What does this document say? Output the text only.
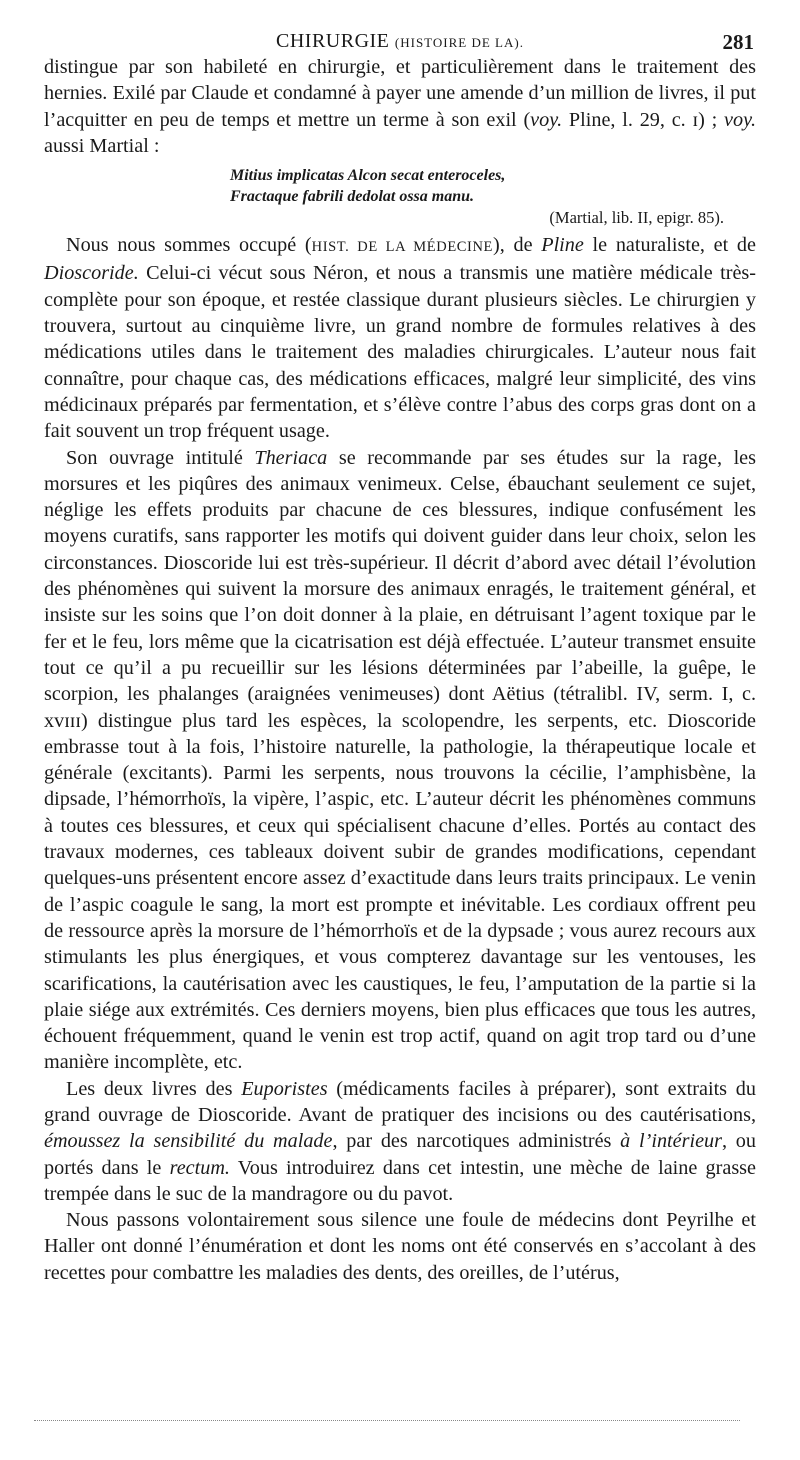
CHIRURGIE (HISTOIRE DE LA).	281

distingue par son habileté en chirurgie, et particulièrement dans le traitement des hernies. Exilé par Claude et condamné à payer une amende d’un million de livres, il put l’acquitter en peu de temps et mettre un terme à son exil (voy. Pline, l. 29, c. ɪ) ; voy. aussi Martial :

Mitius implicatas Alcon secat enteroceles,
Fractaque fabrili dedolat ossa manu.
(Martial, lib. II, epigr. 85).

Nous nous sommes occupé (HIST. DE LA MÉDECINE), de Pline le naturaliste, et de Dioscoride. Celui-ci vécut sous Néron, et nous a transmis une matière médicale très-complète pour son époque, et restée classique durant plusieurs siècles. Le chirurgien y trouvera, surtout au cinquième livre, un grand nombre de formules relatives à des médications utiles dans le traitement des maladies chirurgicales. L’auteur nous fait connaître, pour chaque cas, des médications efficaces, malgré leur simplicité, des vins médicinaux préparés par fermentation, et s’élève contre l’abus des corps gras dont on a fait souvent un trop fréquent usage.

Son ouvrage intitulé Theriaca se recommande par ses études sur la rage, les morsures et les piqûres des animaux venimeux. Celse, ébauchant seulement ce sujet, néglige les effets produits par chacune de ces blessures, indique confusément les moyens curatifs, sans rapporter les motifs qui doivent guider dans leur choix, selon les circonstances. Dioscoride lui est très-supérieur. Il décrit d’abord avec détail l’évolution des phénomènes qui suivent la morsure des animaux enragés, le traitement général, et insiste sur les soins que l’on doit donner à la plaie, en détruisant l’agent toxique par le fer et le feu, lors même que la cicatrisation est déjà effectuée. L’auteur transmet ensuite tout ce qu’il a pu recueillir sur les lésions déterminées par l’abeille, la guêpe, le scorpion, les phalanges (araignées venimeuses) dont Aëtius (tétralibl. IV, serm. I, c. xvɪɪɪ) distingue plus tard les espèces, la scolopendre, les serpents, etc. Dioscoride embrasse tout à la fois, l’histoire naturelle, la pathologie, la thérapeutique locale et générale (excitants). Parmi les serpents, nous trouvons la cécilie, l’amphisbène, la dipsade, l’hémorrhoïs, la vipère, l’aspic, etc. L’auteur décrit les phénomènes communs à toutes ces blessures, et ceux qui spécialisent chacune d’elles. Portés au contact des travaux modernes, ces tableaux doivent subir de grandes modifications, cependant quelques-uns présentent encore assez d’exactitude dans leurs traits principaux. Le venin de l’aspic coagule le sang, la mort est prompte et inévitable. Les cordiaux offrent peu de ressource après la morsure de l’hémorrhoïs et de la dypsade ; vous aurez recours aux stimulants les plus énergiques, et vous compterez davantage sur les ventouses, les scarifications, la cautérisation avec les caustiques, le feu, l’amputation de la partie si la plaie siége aux extrémités. Ces derniers moyens, bien plus efficaces que tous les autres, échouent fréquemment, quand le venin est trop actif, quand on agit trop tard ou d’une manière incomplète, etc.

Les deux livres des Euporistes (médicaments faciles à préparer), sont extraits du grand ouvrage de Dioscoride. Avant de pratiquer des incisions ou des cautérisations, émoussez la sensibilité du malade, par des narcotiques administrés à l’intérieur, ou portés dans le rectum. Vous introduirez dans cet intestin, une mèche de laine grasse trempée dans le suc de la mandragore ou du pavot.

Nous passons volontairement sous silence une foule de médecins dont Peyrilhe et Haller ont donné l’énumération et dont les noms ont été conservés en s’accolant à des recettes pour combattre les maladies des dents, des oreilles, de l’utérus,
